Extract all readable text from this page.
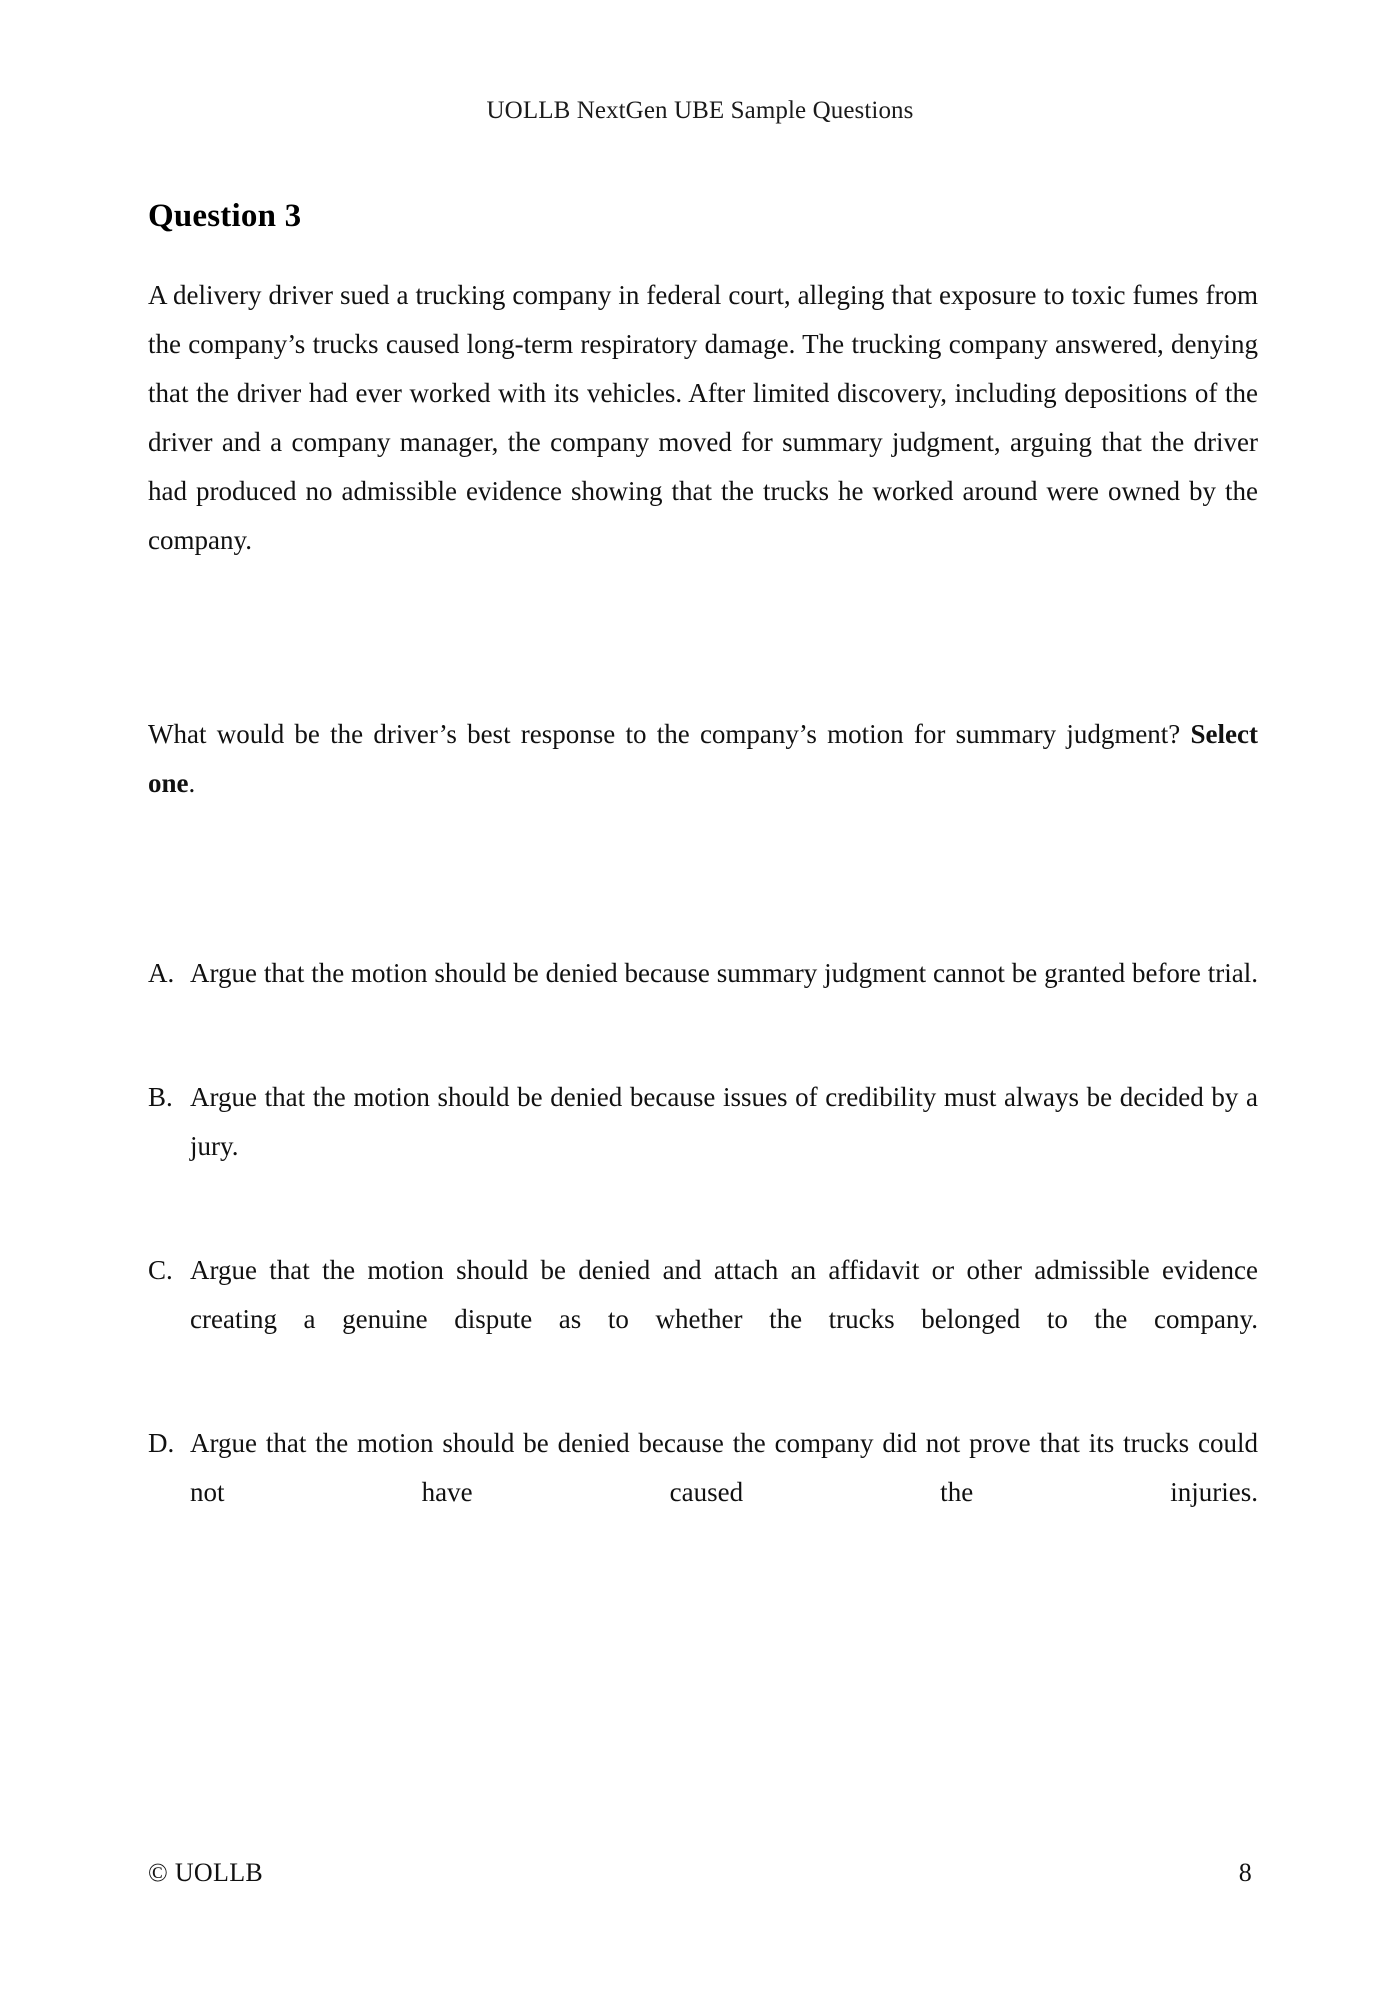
UOLLB NextGen UBE Sample Questions
Question 3

A delivery driver sued a trucking company in federal court, alleging that exposure to toxic fumes from the company’s trucks caused long-term respiratory damage. The trucking company answered, denying that the driver had ever worked with its vehicles. After limited discovery, including depositions of the driver and a company manager, the company moved for summary judgment, arguing that the driver had produced no admissible evidence showing that the trucks he worked around were owned by the company.

What would be the driver’s best response to the company’s motion for summary judgment? Select one.

A. Argue that the motion should be denied because summary judgment cannot be granted before trial.
B. Argue that the motion should be denied because issues of credibility must always be decided by a jury.
C. Argue that the motion should be denied and attach an affidavit or other admissible evidence creating a genuine dispute as to whether the trucks belonged to the company.
D. Argue that the motion should be denied because the company did not prove that its trucks could not have caused the injuries.
© UOLLB	8
